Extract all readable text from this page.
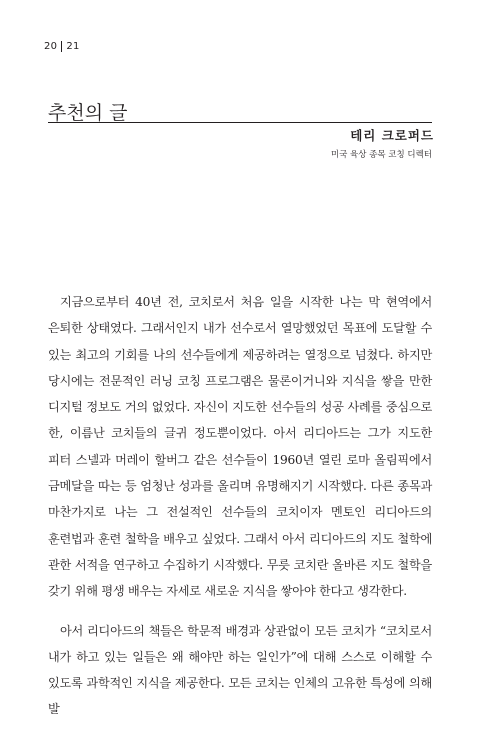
20 21
추천의 글
테리 크로퍼드
미국 육상 종목 코칭 디렉터

지금으로부터 40년 전, 코치로서 처음 일을 시작한 나는 막 현역에서 은퇴한 상태였다. 그래서인지 내가 선수로서 열망했었던 목표에 도달할 수 있는 최고의 기회를 나의 선수들에게 제공하려는 열정으로 넘쳤다. 하지만 당시에는 전문적인 러닝 코칭 프로그램은 물론이거니와 지식을 쌓을 만한 디지털 정보도 거의 없었다. 자신이 지도한 선수들의 성공 사례를 중심으로 한, 이름난 코치들의 글귀 정도뿐이었다. 아서 리디아드는 그가 지도한 피터 스넬과 머레이 할버그 같은 선수들이 1960년 열린 로마 올림픽에서 금메달을 따는 등 엄청난 성과를 올리며 유명해지기 시작했다. 다른 종목과 마찬가지로 나는 그 전설적인 선수들의 코치이자 멘토인 리디아드의 훈련법과 훈련 철학을 배우고 싶었다. 그래서 아서 리디아드의 지도 철학에 관한 서적을 연구하고 수집하기 시작했다. 무릇 코치란 올바른 지도 철학을 갖기 위해 평생 배우는 자세로 새로운 지식을 쌓아야 한다고 생각한다.

아서 리디아드의 책들은 학문적 배경과 상관없이 모든 코치가 “코치로서 내가 하고 있는 일들은 왜 해야만 하는 일인가”에 대해 스스로 이해할 수 있도록 과학적인 지식을 제공한다. 모든 코치는 인체의 고유한 특성에 의해 발
